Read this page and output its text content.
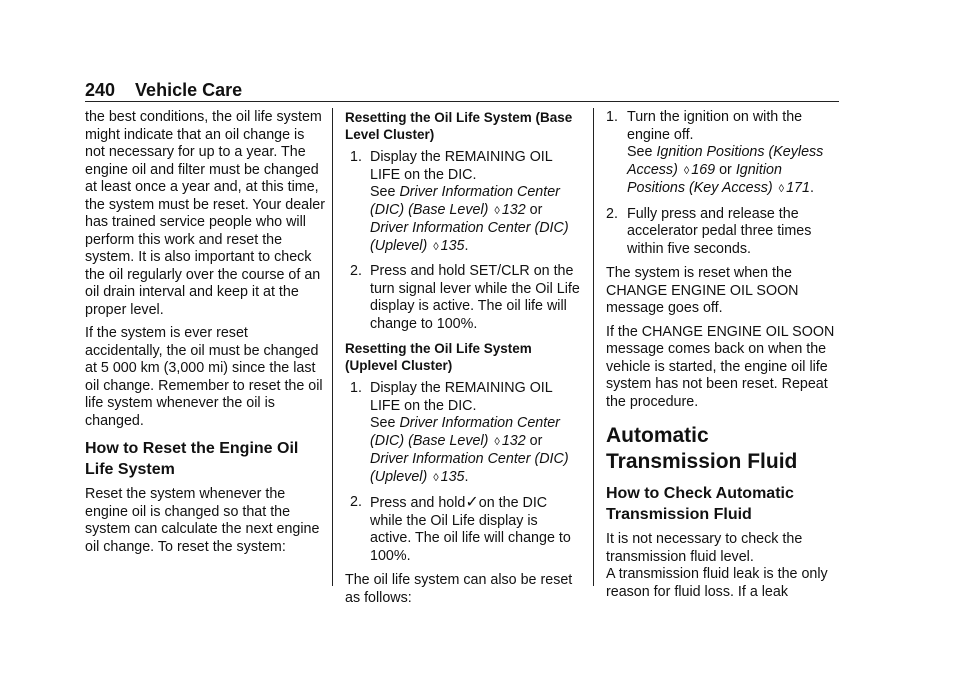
240 Vehicle Care

the best conditions, the oil life system might indicate that an oil change is not necessary for up to a year. The engine oil and filter must be changed at least once a year and, at this time, the system must be reset. Your dealer has trained service people who will perform this work and reset the system. It is also important to check the oil regularly over the course of an oil drain interval and keep it at the proper level.

If the system is ever reset accidentally, the oil must be changed at 5 000 km (3,000 mi) since the last oil change. Remember to reset the oil life system whenever the oil is changed.

How to Reset the Engine Oil Life System

Reset the system whenever the engine oil is changed so that the system can calculate the next engine oil change. To reset the system:

Resetting the Oil Life System (Base Level Cluster)
1. Display the REMAINING OIL LIFE on the DIC.
See Driver Information Center (DIC) (Base Level) ◊ 132 or Driver Information Center (DIC) (Uplevel) ◊ 135.
2. Press and hold SET/CLR on the turn signal lever while the Oil Life display is active. The oil life will change to 100%.
Resetting the Oil Life System (Uplevel Cluster)
1. Display the REMAINING OIL LIFE on the DIC.
See Driver Information Center (DIC) (Base Level) ◊ 132 or Driver Information Center (DIC) (Uplevel) ◊ 135.
2. Press and hold✓on the DIC while the Oil Life display is active. The oil life will change to 100%.

The oil life system can also be reset as follows:

1. Turn the ignition on with the engine off.
See Ignition Positions (Keyless Access) ◊ 169 or Ignition Positions (Key Access) ◊ 171.
2. Fully press and release the accelerator pedal three times within five seconds.

The system is reset when the CHANGE ENGINE OIL SOON message goes off.

If the CHANGE ENGINE OIL SOON message comes back on when the vehicle is started, the engine oil life system has not been reset. Repeat the procedure.

Automatic Transmission Fluid
How to Check Automatic Transmission Fluid

It is not necessary to check the transmission fluid level.

A transmission fluid leak is the only reason for fluid loss. If a leak
